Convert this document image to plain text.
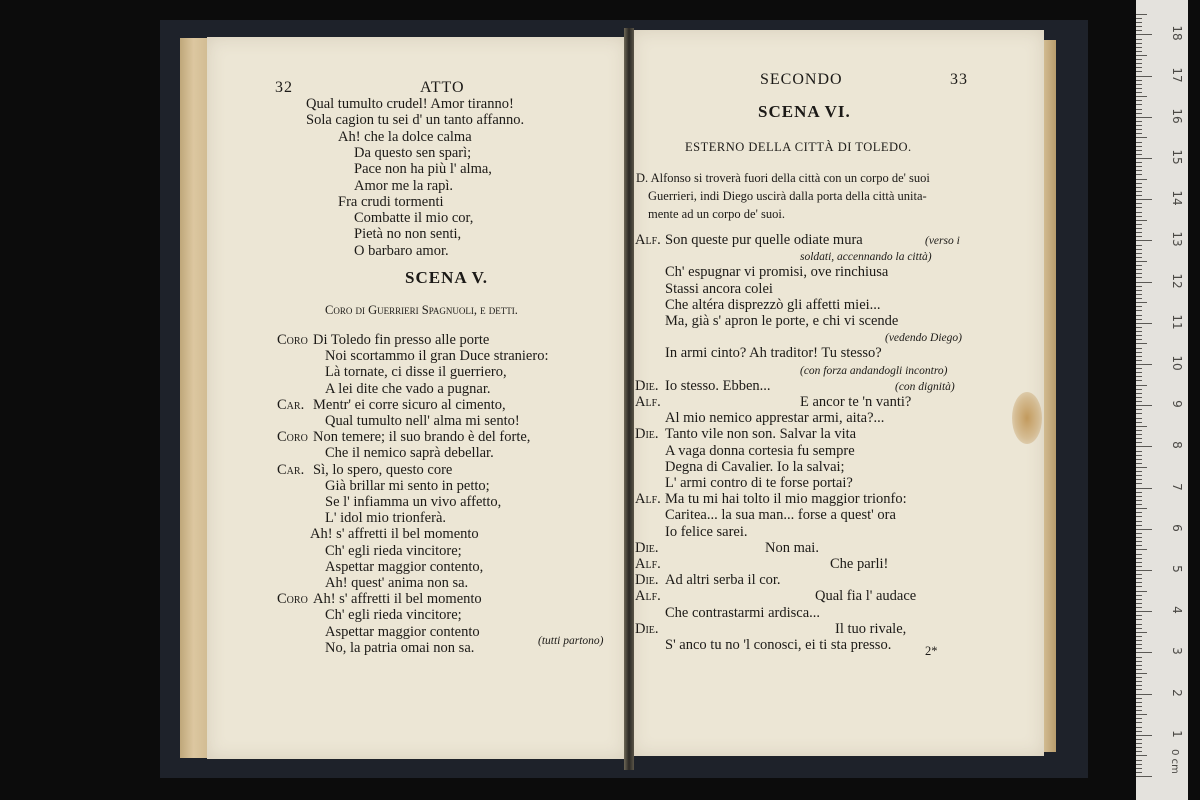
32	ATTO
Qual tumulto crudel! Amor tiranno!
Sola cagion tu sei d' un tanto affanno.
Ah! che la dolce calma
Da questo sen sparì;
Pace non ha più l' alma,
Amor me la rapì.
Fra crudi tormenti
Combatte il mio cor,
Pietà no non senti,
O barbaro amor.
SCENA V.
Coro di Guerrieri Spagnuoli, e detti.
Coro Di Toledo fin presso alle porte
Noi scortammo il gran Duce straniero:
Là tornate, ci disse il guerriero,
A lei dite che vado a pugnar.
Car. Mentr' ei corre sicuro al cimento,
Qual tumulto nell' alma mi sento!
Coro Non temere; il suo brando è del forte,
Che il nemico saprà debellar.
Car. Sì, lo spero, questo core
Già brillar mi sento in petto;
Se l' infiamma un vivo affetto,
L' idol mio trionferà.
Ah! s' affretti il bel momento
Ch' egli rieda vincitore;
Aspettar maggior contento,
Ah! quest' anima non sa.
Coro Ah! s' affretti il bel momento
Ch' egli rieda vincitore;
Aspettar maggior contento
No, la patria omai non sa.	(tutti partono)
SECONDO	33
SCENA VI.
ESTERNO DELLA CITTÀ DI TOLEDO.
D. Alfonso si troverà fuori della città con un corpo de' suoi
Guerrieri, indi Diego uscirà dalla porta della città unita-
mente ad un corpo de' suoi.
Alf. Son queste pur quelle odiate mura	(verso i
soldati, accennando la città)
Ch' espugnar vi promisi, ove rinchiusa
Stassi ancora colei
Che altéra disprezzò gli affetti miei...
Ma, già s' apron le porte, e chi vi scende
(vedendo Diego)
In armi cinto? Ah traditor! Tu stesso?
(con forza andandogli incontro)
Die. Io stesso. Ebben...	(con dignità)
Alf.	E ancor te 'n vanti?
Al mio nemico apprestar armi, aita?...
Die. Tanto vile non son. Salvar la vita
A vaga donna cortesia fu sempre
Degna di Cavalier. Io la salvai;
L' armi contro di te forse portai?
Alf. Ma tu mi hai tolto il mio maggior trionfo:
Caritea... la sua man... forse a quest' ora
Io felice sarei.
Die.	Non mai.
Alf.	Che parli!
Die. Ad altri serba il cor.
Alf.	Qual fia l' audace
Che contrastarmi ardisca...
Die.	Il tuo rivale,
S' anco tu no 'l conosci, ei ti sta presso.	2*
18
17
16
15
14
13
12
11
10
9
8
7
6
5
4
3
2
1
0 cm
